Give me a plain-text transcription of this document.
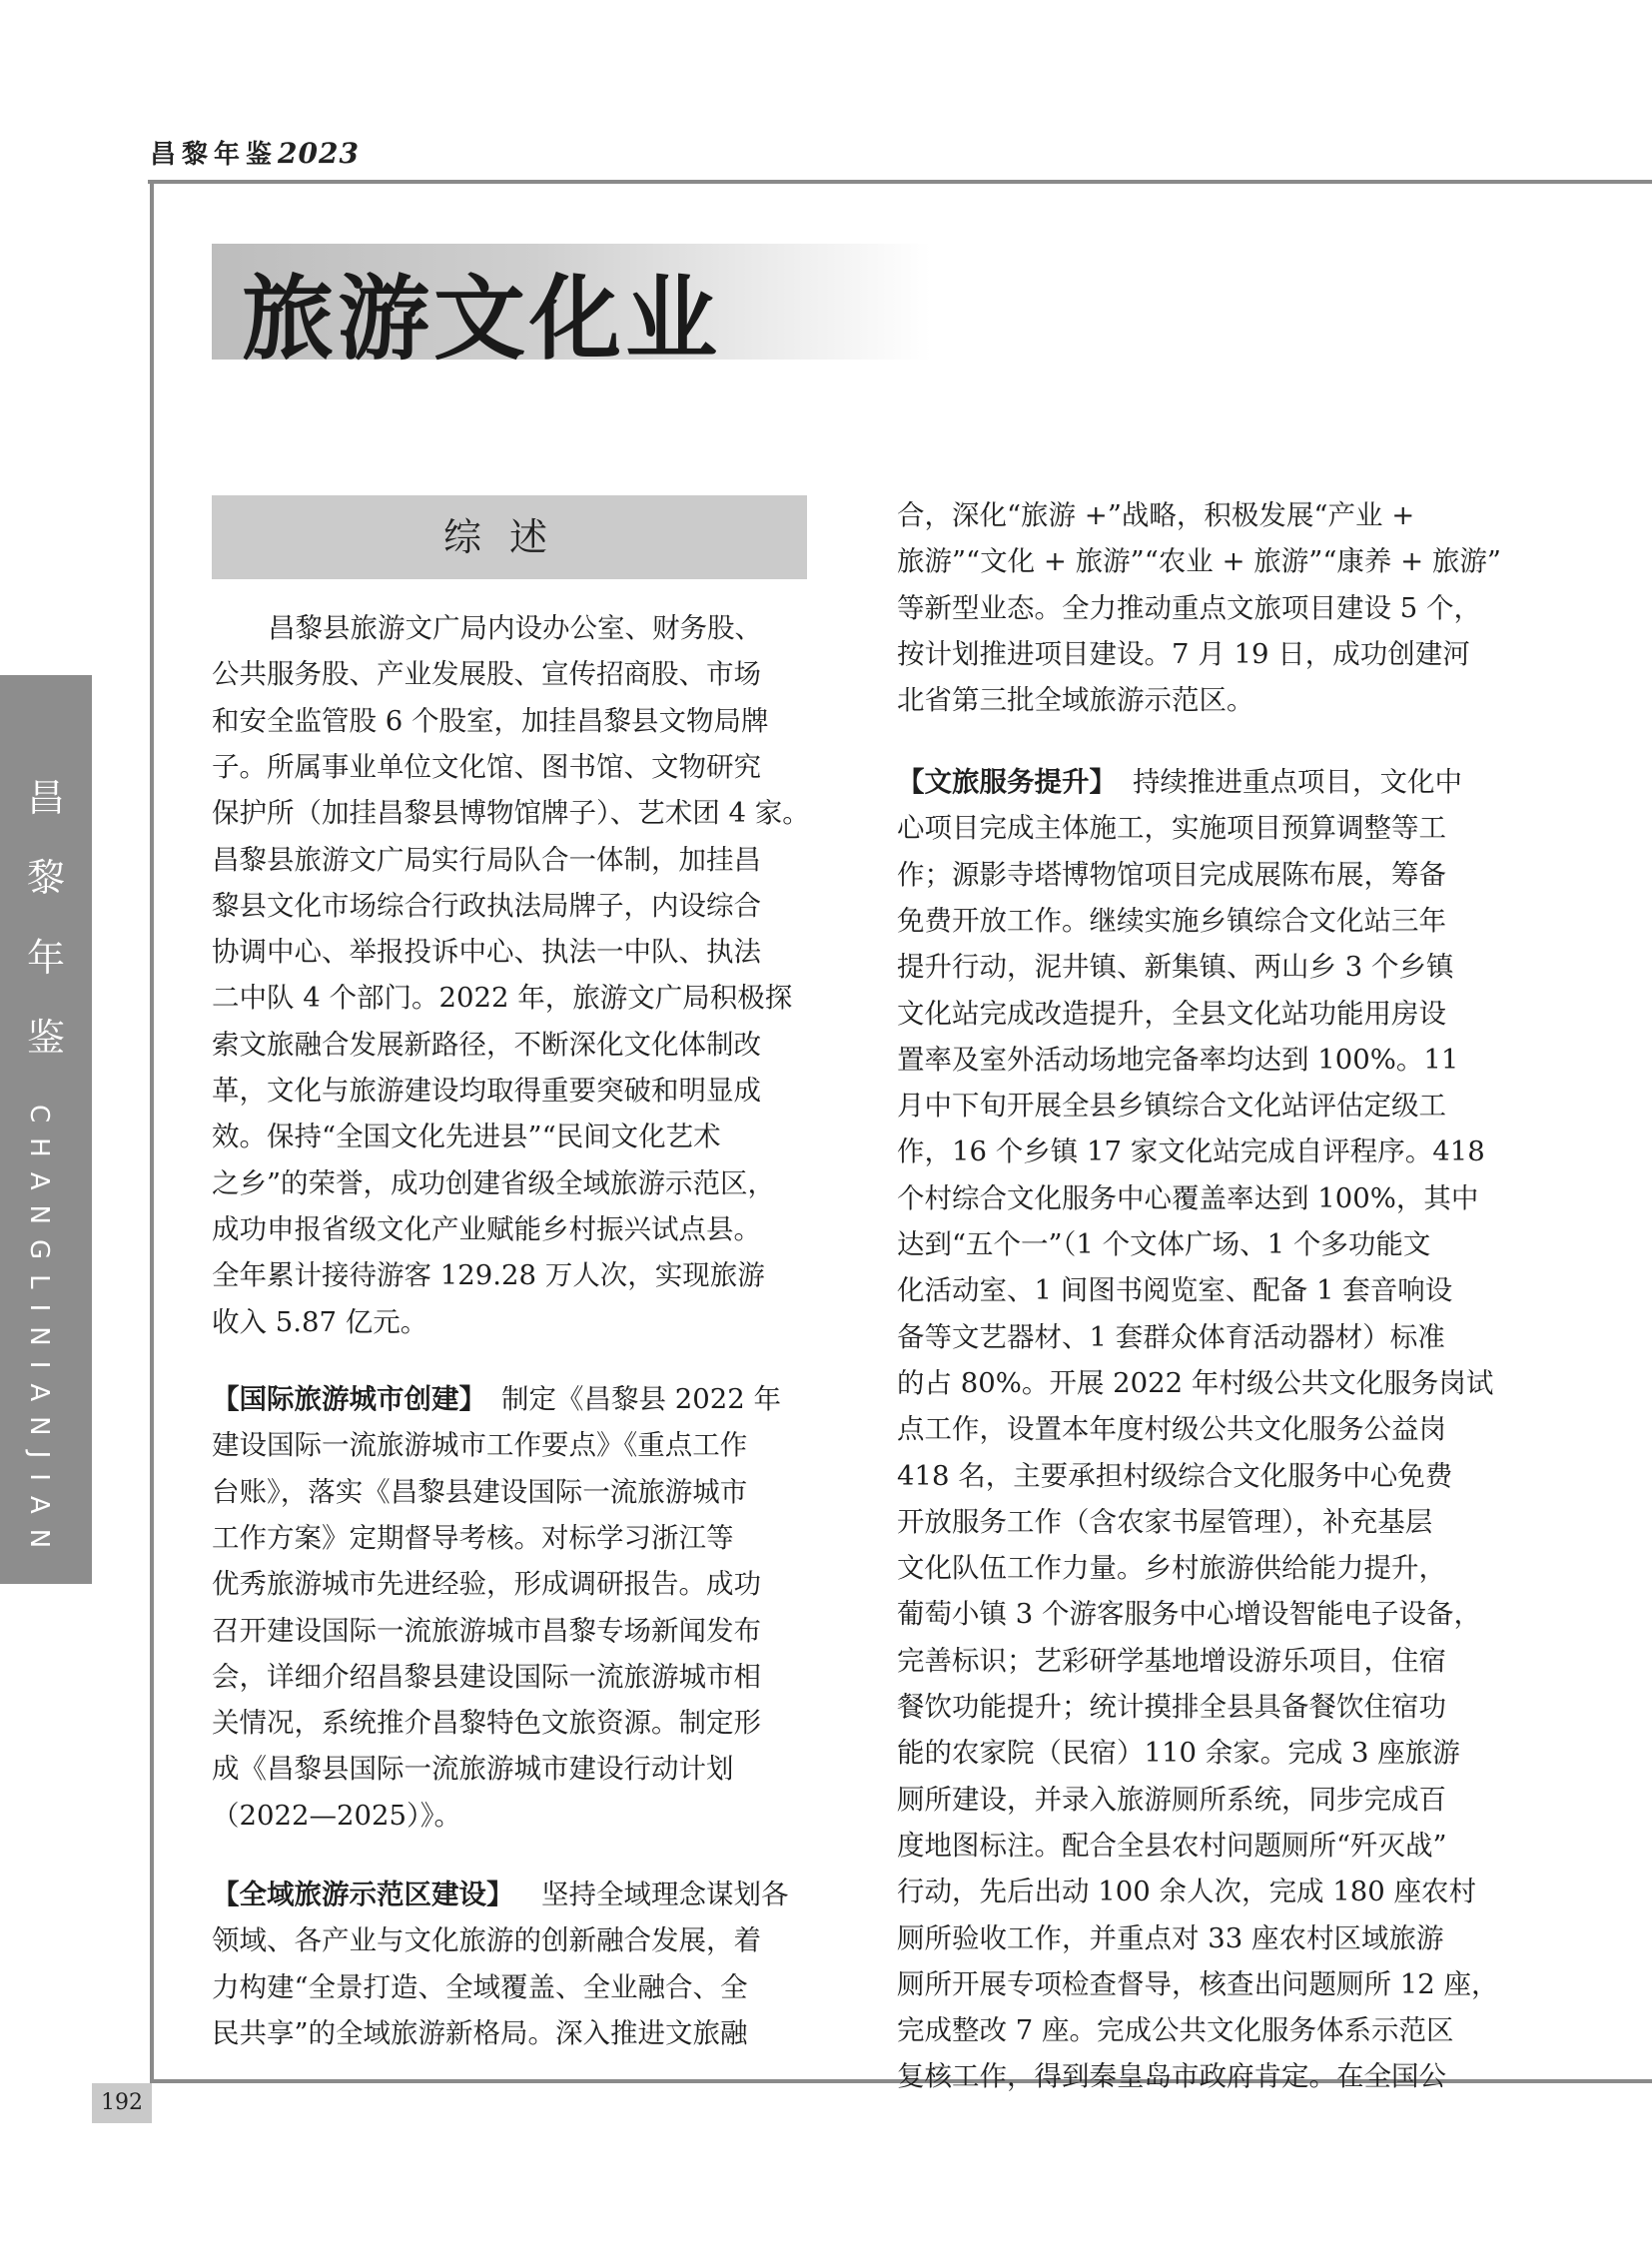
昌黎年鉴2023
旅游文化业
昌
黎
年
鉴
CHANGLINIANJIAN
综述

昌黎县旅游文广局内设办公室、财务股、

公共服务股、产业发展股、宣传招商股、市场

和安全监管股 6 个股室，加挂昌黎县文物局牌

子。所属事业单位文化馆、图书馆、文物研究

保护所（加挂昌黎县博物馆牌子）、艺术团 4 家。

昌黎县旅游文广局实行局队合一体制，加挂昌

黎县文化市场综合行政执法局牌子，内设综合

协调中心、举报投诉中心、执法一中队、执法

二中队 4 个部门。2022 年，旅游文广局积极探

索文旅融合发展新路径，不断深化文化体制改

革，文化与旅游建设均取得重要突破和明显成

效。保持“全国文化先进县”“民间文化艺术

之乡”的荣誉，成功创建省级全域旅游示范区，

成功申报省级文化产业赋能乡村振兴试点县。

全年累计接待游客 129.28 万人次，实现旅游

收入 5.87 亿元。

【国际旅游城市创建】 制定《昌黎县 2022 年

建设国际一流旅游城市工作要点》《重点工作

台账》，落实《昌黎县建设国际一流旅游城市

工作方案》定期督导考核。对标学习浙江等

优秀旅游城市先进经验，形成调研报告。成功

召开建设国际一流旅游城市昌黎专场新闻发布

会，详细介绍昌黎县建设国际一流旅游城市相

关情况，系统推介昌黎特色文旅资源。制定形

成《昌黎县国际一流旅游城市建设行动计划

（2022—2025）》。

【全域旅游示范区建设】 坚持全域理念谋划各

领域、各产业与文化旅游的创新融合发展，着

力构建“全景打造、全域覆盖、全业融合、全

民共享”的全域旅游新格局。深入推进文旅融

合，深化“旅游 +”战略，积极发展“产业 +

旅游”“文化 + 旅游”“农业 + 旅游”“康养 + 旅游”

等新型业态。全力推动重点文旅项目建设 5 个，

按计划推进项目建设。7 月 19 日，成功创建河

北省第三批全域旅游示范区。

【文旅服务提升】 持续推进重点项目，文化中

心项目完成主体施工，实施项目预算调整等工

作；源影寺塔博物馆项目完成展陈布展，筹备

免费开放工作。继续实施乡镇综合文化站三年

提升行动，泥井镇、新集镇、两山乡 3 个乡镇

文化站完成改造提升，全县文化站功能用房设

置率及室外活动场地完备率均达到 100%。11

月中下旬开展全县乡镇综合文化站评估定级工

作，16 个乡镇 17 家文化站完成自评程序。418

个村综合文化服务中心覆盖率达到 100%，其中

达到“五个一”（1 个文体广场、1 个多功能文

化活动室、1 间图书阅览室、配备 1 套音响设

备等文艺器材、1 套群众体育活动器材）标准

的占 80%。开展 2022 年村级公共文化服务岗试

点工作，设置本年度村级公共文化服务公益岗

418 名，主要承担村级综合文化服务中心免费

开放服务工作（含农家书屋管理），补充基层

文化队伍工作力量。乡村旅游供给能力提升，

葡萄小镇 3 个游客服务中心增设智能电子设备，

完善标识；艺彩研学基地增设游乐项目，住宿

餐饮功能提升；统计摸排全县具备餐饮住宿功

能的农家院（民宿）110 余家。完成 3 座旅游

厕所建设，并录入旅游厕所系统，同步完成百

度地图标注。配合全县农村问题厕所“歼灭战”

行动，先后出动 100 余人次，完成 180 座农村

厕所验收工作，并重点对 33 座农村区域旅游

厕所开展专项检查督导，核查出问题厕所 12 座，

完成整改 7 座。完成公共文化服务体系示范区

复核工作，得到秦皇岛市政府肯定。在全国公

192
